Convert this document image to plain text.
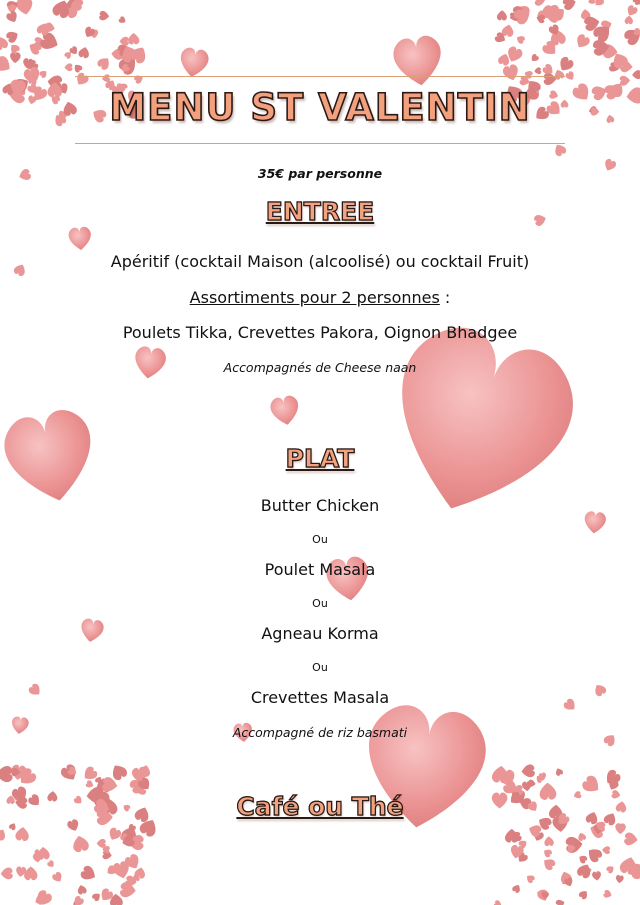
MENU ST VALENTIN
35€ par personne
ENTREE
Apéritif (cocktail Maison (alcoolisé) ou cocktail Fruit)
Assortiments pour 2 personnes :
Poulets Tikka, Crevettes Pakora, Oignon Bhadgee
Accompagnés de Cheese naan
PLAT
Butter Chicken
Ou
Poulet Masala
Ou
Agneau Korma
Ou
Crevettes Masala
Accompagné de riz basmati
Café ou Thé
